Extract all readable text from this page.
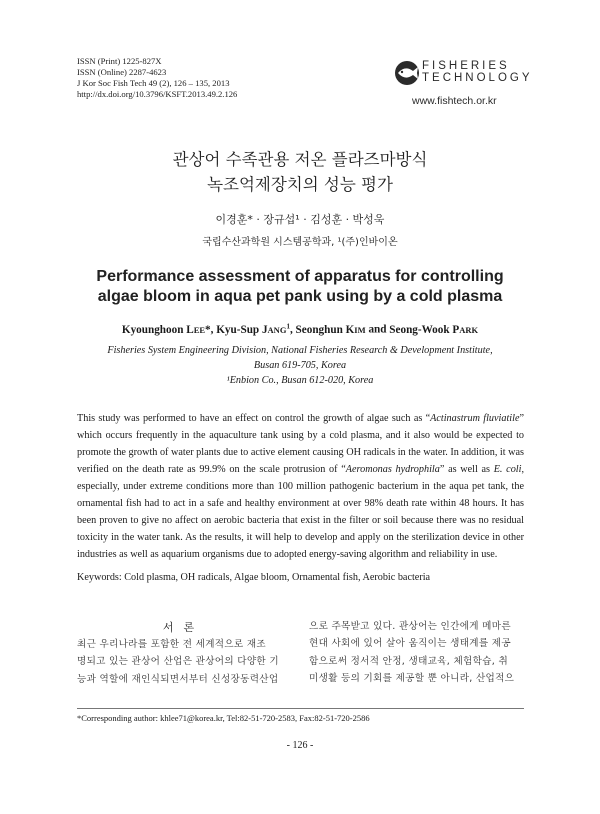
ISSN (Print) 1225-827X
ISSN (Online) 2287-4623
J Kor Soc Fish Tech 49 (2), 126 – 135, 2013
http://dx.doi.org/10.3796/KSFT.2013.49.2.126
FISHERIES
TECHNOLOGY
www.fishtech.or.kr
관상어 수족관용 저온 플라즈마방식
녹조억제장치의 성능 평가
이경훈* · 장규섭¹ · 김성훈 · 박성욱
국립수산과학원 시스템공학과, ¹(주)인바이온
Performance assessment of apparatus for controlling
algae bloom in aqua pet pank using by a cold plasma
Kyounghoon LEE*, Kyu-Sup JANG$^1$, Seonghun KIM and Seong-Wook PARK
Fisheries System Engineering Division, National Fisheries Research & Development Institute,
Busan 619-705, Korea
¹Enbion Co., Busan 612-020, Korea

This study was performed to have an effect on control the growth of algae such as “Actinastrum fluviatile” which occurs frequently in the aquaculture tank using by a cold plasma, and it also would be expected to promote the growth of water plants due to active element causing OH radicals in the water. In addition, it was verified on the death rate as 99.9% on the scale protrusion of “Aeromonas hydrophila” as well as E. coli, especially, under extreme conditions more than 100 million pathogenic bacterium in the aqua pet tank, the ornamental fish had to act in a safe and healthy environment at over 98% death rate within 48 hours. It has been proven to give no affect on aerobic bacteria that exist in the filter or soil because there was no residual toxicity in the water tank. As the results, it will help to develop and apply on the sterilization device in other industries as well as aquarium organisms due to adopted energy-saving algorithm and reliability in use.

Keywords: Cold plasma, OH radicals, Algae bloom, Ornamental fish, Aerobic bacteria
서론
최근 우리나라를 포함한 전 세계적으로 재조
명되고 있는 관상어 산업은 관상어의 다양한 기
능과 역할에 재인식되면서부터 신성장동력산업
으로 주목받고 있다. 관상어는 인간에게 메마른
현대 사회에 있어 살아 움직이는 생태계를 제공
함으로써 정서적 안정, 생태교육, 체험학습, 취
미생활 등의 기회를 제공할 뿐 아니라, 산업적으
*Corresponding author: khlee71@korea.kr, Tel:82-51-720-2583, Fax:82-51-720-2586
- 126 -
